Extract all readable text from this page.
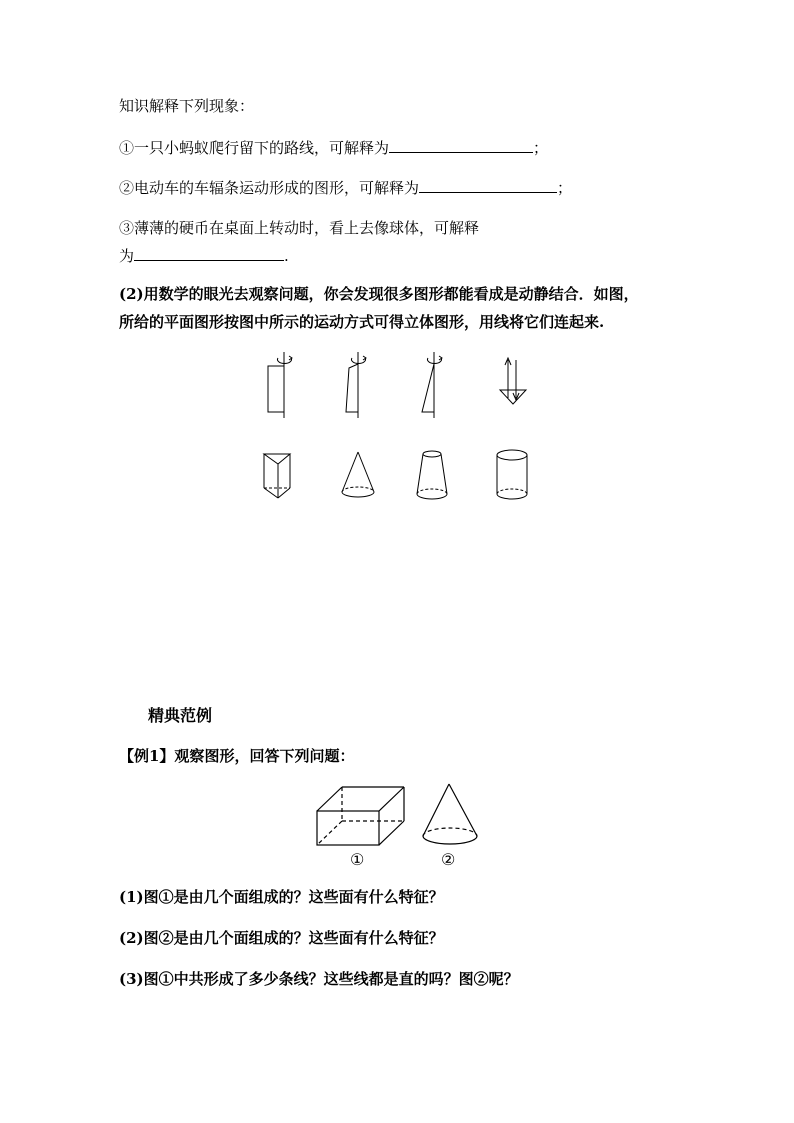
知识解释下列现象：
①一只小蚂蚁爬行留下的路线，可解释为	；
②电动车的车辐条运动形成的图形，可解释为	；
③薄薄的硬币在桌面上转动时，看上去像球体，可解释
为	.
(2)用数学的眼光去观察问题，你会发现很多图形都能看成是动静结合．如图，
所给的平面图形按图中所示的运动方式可得立体图形，用线将它们连起来.
精典范例
【例1】观察图形，回答下列问题：
①	②
(1)图①是由几个面组成的？这些面有什么特征？
(2)图②是由几个面组成的？这些面有什么特征？
(3)图①中共形成了多少条线？这些线都是直的吗？图②呢？
